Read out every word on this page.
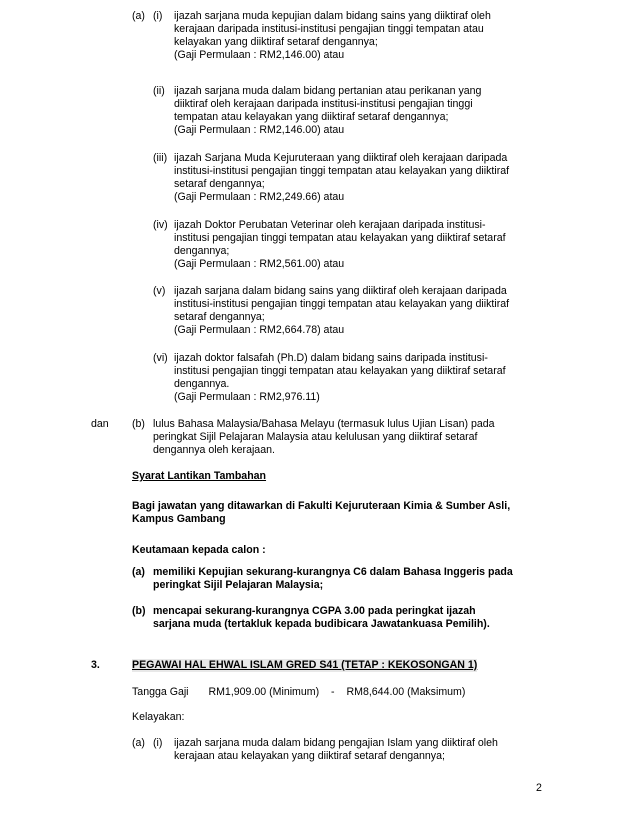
(a) (i) ijazah sarjana muda kepujian dalam bidang sains yang diiktiraf oleh
kerajaan daripada institusi-institusi pengajian tinggi tempatan atau
kelayakan yang diiktiraf setaraf dengannya;
(Gaji Permulaan : RM2,146.00) atau
(ii) ijazah sarjana muda dalam bidang pertanian atau perikanan yang
diiktiraf oleh kerajaan daripada institusi-institusi pengajian tinggi
tempatan atau kelayakan yang diiktiraf setaraf dengannya;
(Gaji Permulaan : RM2,146.00) atau
(iii) ijazah Sarjana Muda Kejuruteraan yang diiktiraf oleh kerajaan daripada
institusi-institusi pengajian tinggi tempatan atau kelayakan yang diiktiraf
setaraf dengannya;
(Gaji Permulaan : RM2,249.66) atau
(iv) ijazah Doktor Perubatan Veterinar oleh kerajaan daripada institusi-
institusi pengajian tinggi tempatan atau kelayakan yang diiktiraf setaraf
dengannya;
(Gaji Permulaan : RM2,561.00) atau
(v) ijazah sarjana dalam bidang sains yang diiktiraf oleh kerajaan daripada
institusi-institusi pengajian tinggi tempatan atau kelayakan yang diiktiraf
setaraf dengannya;
(Gaji Permulaan : RM2,664.78) atau
(vi) ijazah doktor falsafah (Ph.D) dalam bidang sains daripada institusi-
institusi pengajian tinggi tempatan atau kelayakan yang diiktiraf setaraf
dengannya.
(Gaji Permulaan : RM2,976.11)
dan (b) lulus Bahasa Malaysia/Bahasa Melayu (termasuk lulus Ujian Lisan) pada
peringkat Sijil Pelajaran Malaysia atau kelulusan yang diiktiraf setaraf
dengannya oleh kerajaan.
Syarat Lantikan Tambahan
Bagi jawatan yang ditawarkan di Fakulti Kejuruteraan Kimia & Sumber Asli,
Kampus Gambang
Keutamaan kepada calon :
(a) memiliki Kepujian sekurang-kurangnya C6 dalam Bahasa Inggeris pada
peringkat Sijil Pelajaran Malaysia;
(b) mencapai sekurang-kurangnya CGPA 3.00 pada peringkat ijazah
sarjana muda (tertakluk kepada budibicara Jawatankuasa Pemilih).
3.	PEGAWAI HAL EHWAL ISLAM GRED S41 (TETAP : KEKOSONGAN 1)
Tangga Gaji RM1,909.00 (Minimum) - RM8,644.00 (Maksimum)
Kelayakan:
(a) (i) ijazah sarjana muda dalam bidang pengajian Islam yang diiktiraf oleh
kerajaan atau kelayakan yang diiktiraf setaraf dengannya;
2
